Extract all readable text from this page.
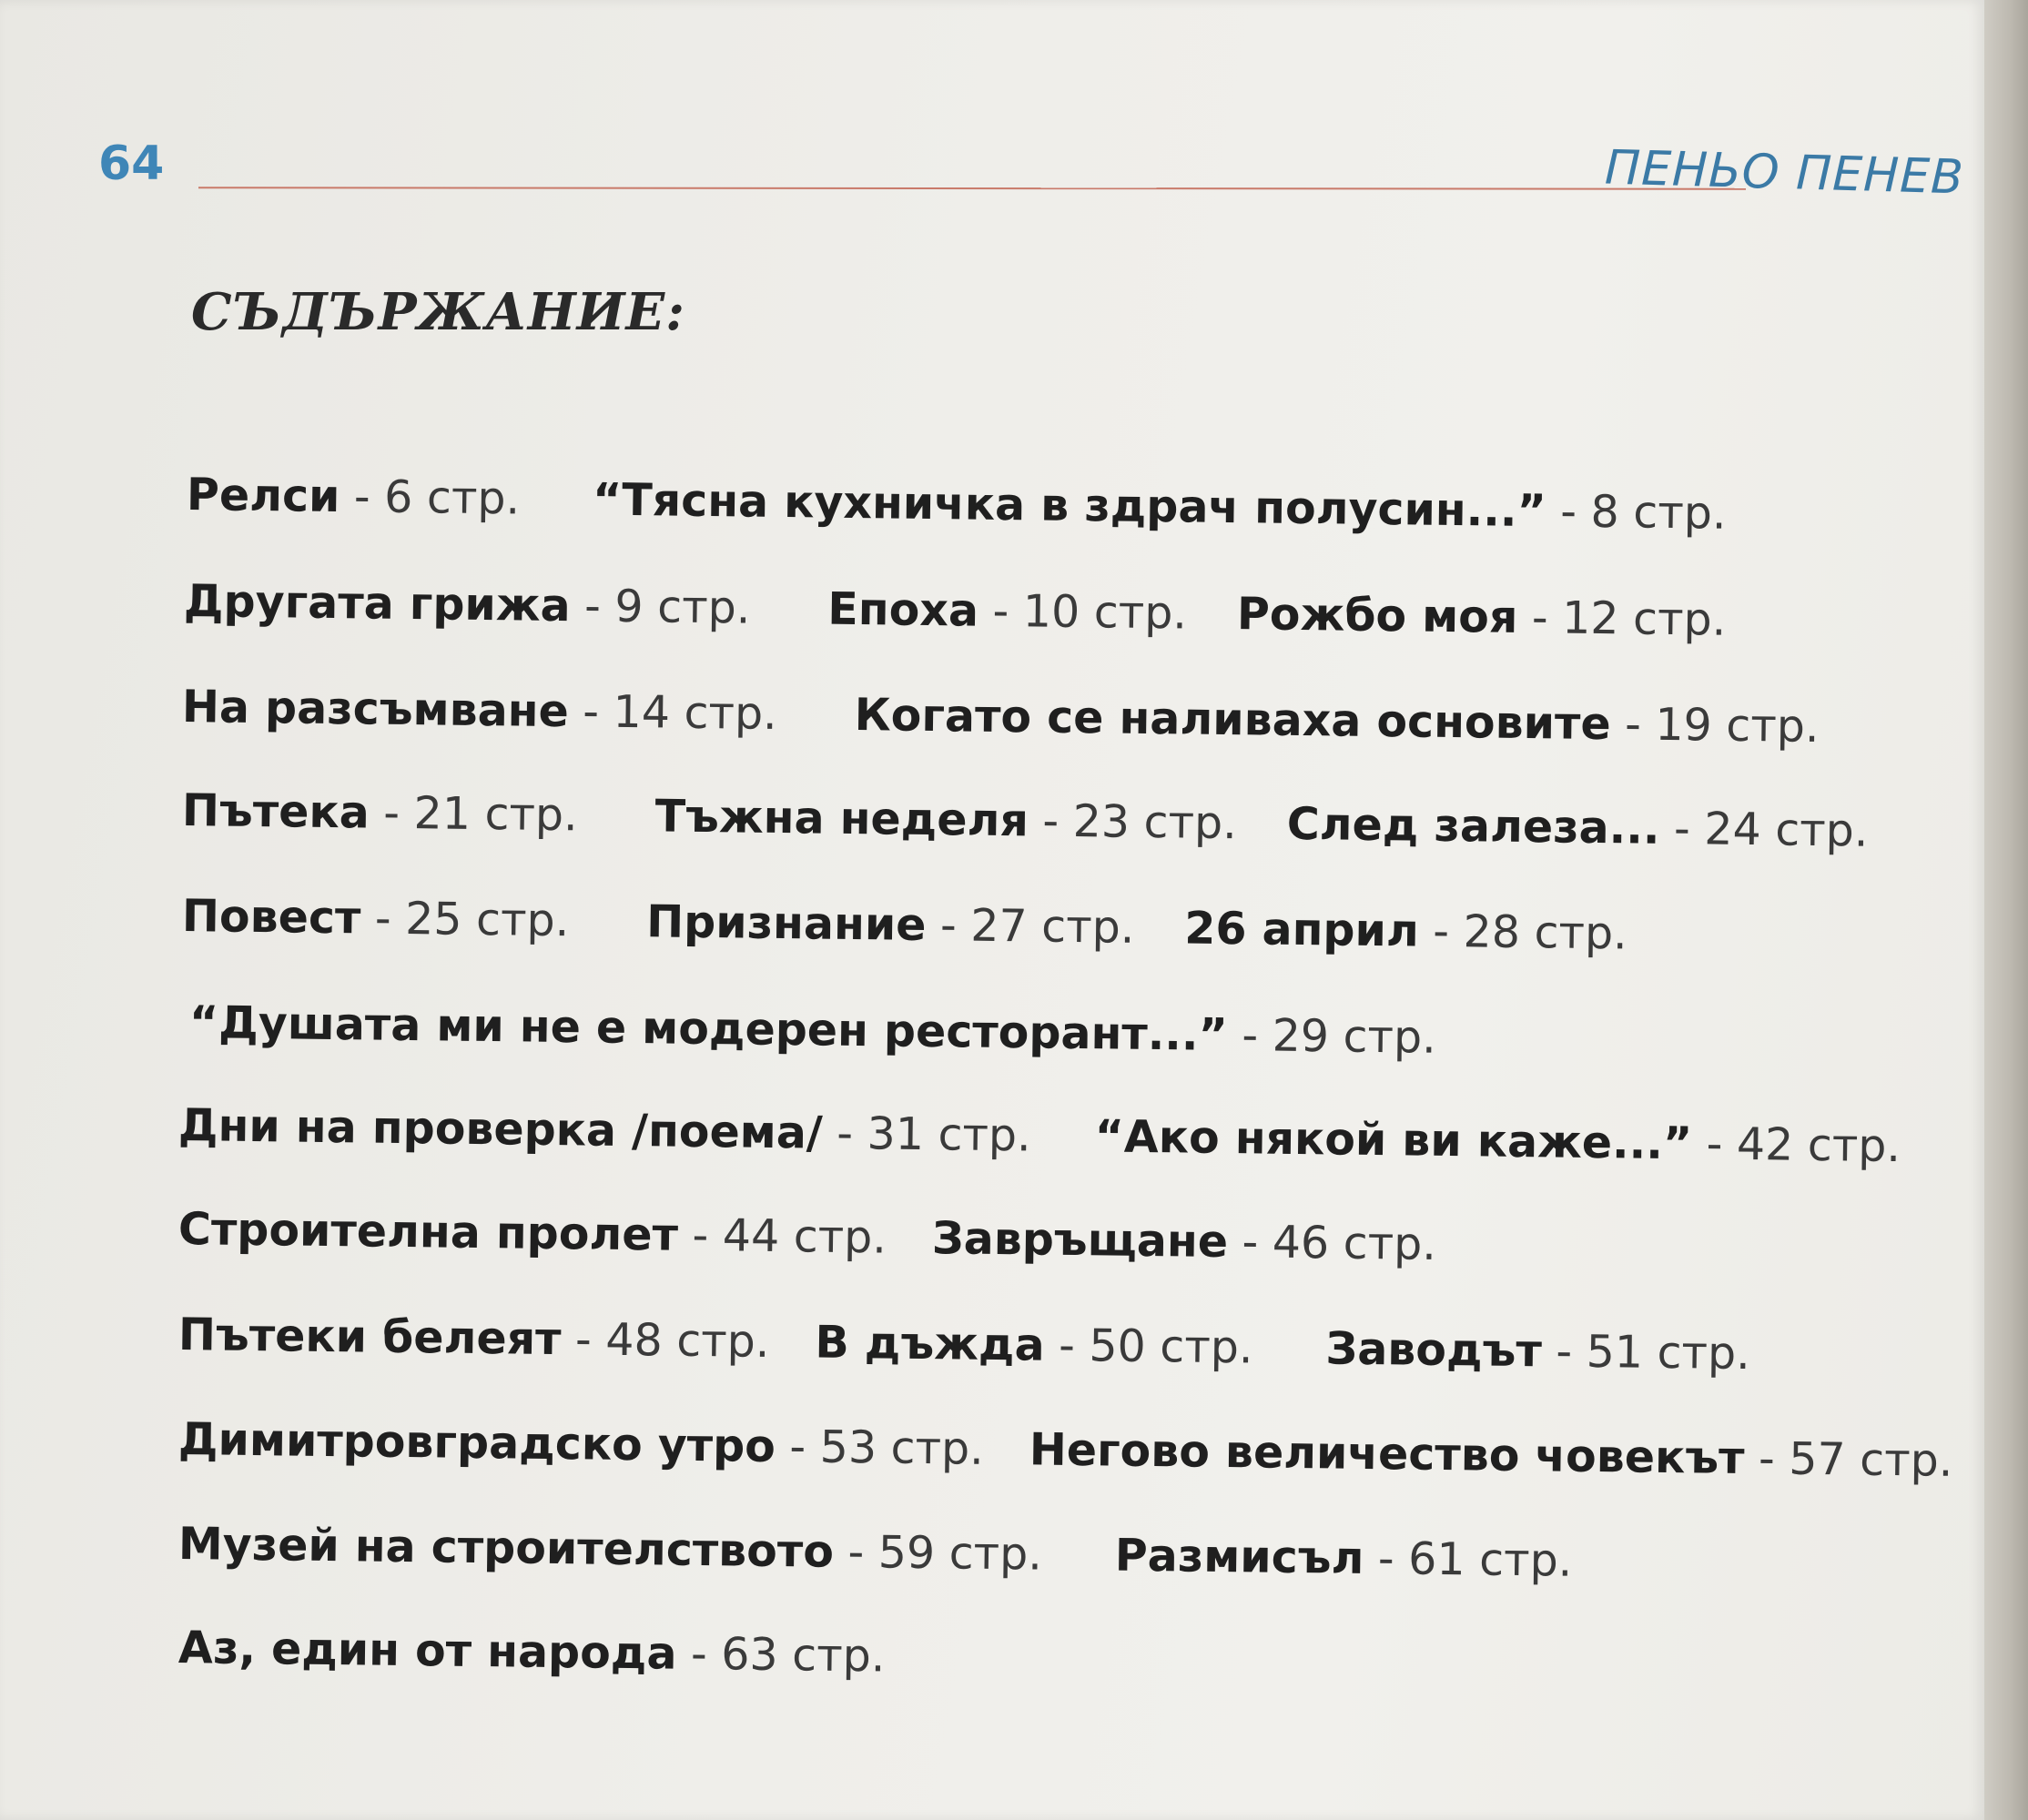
64	ПЕНЬО ПЕНЕВ
СЪДЪРЖАНИЕ:
Релси - 6 стр. “Тясна кухничка в здрач полусин...” - 8 стр.
Другата грижа - 9 стр. Епоха - 10 стр. Рожбо моя - 12 стр.
На разсъмване - 14 стр. Когато се наливаха основите - 19 стр.
Пътека - 21 стр. Тъжна неделя - 23 стр. След залеза... - 24 стр.
Повест - 25 стр. Признание - 27 стр. 26 април - 28 стр.
“Душата ми не е модерен ресторант...” - 29 стр.
Дни на проверка /поема/ - 31 стр. “Ако някой ви каже...” - 42 стр.
Строителна пролет - 44 стр. Завръщане - 46 стр.
Пътеки белеят - 48 стр. В дъжда - 50 стр. Заводът - 51 стр.
Димитровградско утро - 53 стр. Негово величество човекът - 57 стр.
Музей на строителството - 59 стр. Размисъл - 61 стр.
Аз, един от народа - 63 стр.
